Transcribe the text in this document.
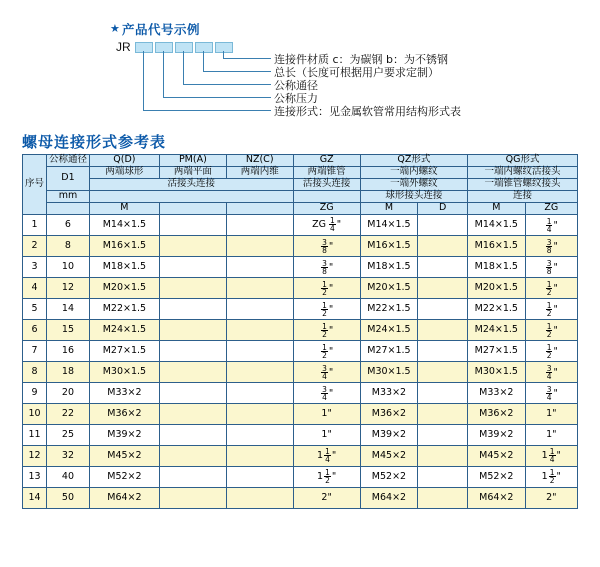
★ 产品代号示例
JR
连接件材质 c：为碳钢 b：为不锈钢
总长（长度可根据用户要求定制）
公称通径
公称压力
连接形式：见金属软管常用结构形式表
螺母连接形式参考表
序号	公称通径	Q(D)	PM(A)	NZ(C)	GZ	QZ形式		QG形式	
	D1	两端球形	两端平面	两端内维	两端锥管	一端内螺纹		一端内螺纹活接头	
		活接头连接			活接头连接	一端外螺纹		一端锥管螺纹接头	
	mm					球形接头连接		连接	
		M			ZG	M	D	M	ZG
1	6	M14×1.5			ZG $\frac{1}{4}$ "	M14×1.5		M14×1.5	$\frac{1}{4}$ "

2	8	M16×1.5			$\frac{3}{8}$ "	M16×1.5		M16×1.5	$\frac{3}{8}$ "

3	10	M18×1.5			$\frac{3}{8}$ "	M18×1.5		M18×1.5	$\frac{3}{8}$ "

4	12	M20×1.5			$\frac{1}{2}$ "	M20×1.5		M20×1.5	$\frac{1}{2}$ "

5	14	M22×1.5			$\frac{1}{2}$ "	M22×1.5		M22×1.5	$\frac{1}{2}$ "

6	15	M24×1.5			$\frac{1}{2}$ "	M24×1.5		M24×1.5	$\frac{1}{2}$ "

7	16	M27×1.5			$\frac{1}{2}$ "	M27×1.5		M27×1.5	$\frac{1}{2}$ "

8	18	M30×1.5			$\frac{3}{4}$ "	M30×1.5		M30×1.5	$\frac{3}{4}$ "

9	20	M33×2			$\frac{3}{4}$ "	M33×2		M33×2	$\frac{3}{4}$ "

10	22	M36×2			1"	M36×2		M36×2	1"
11	25	M39×2			1"	M39×2		M39×2	1"
12	32	M45×2			$1 \frac{1}{4}$ "	M45×2		M45×2	$1 \frac{1}{4}$ "

13	40	M52×2			$1 \frac{1}{2}$ "	M52×2		M52×2	$1 \frac{1}{2}$ "

14	50	M64×2			2"	M64×2		M64×2	2"
